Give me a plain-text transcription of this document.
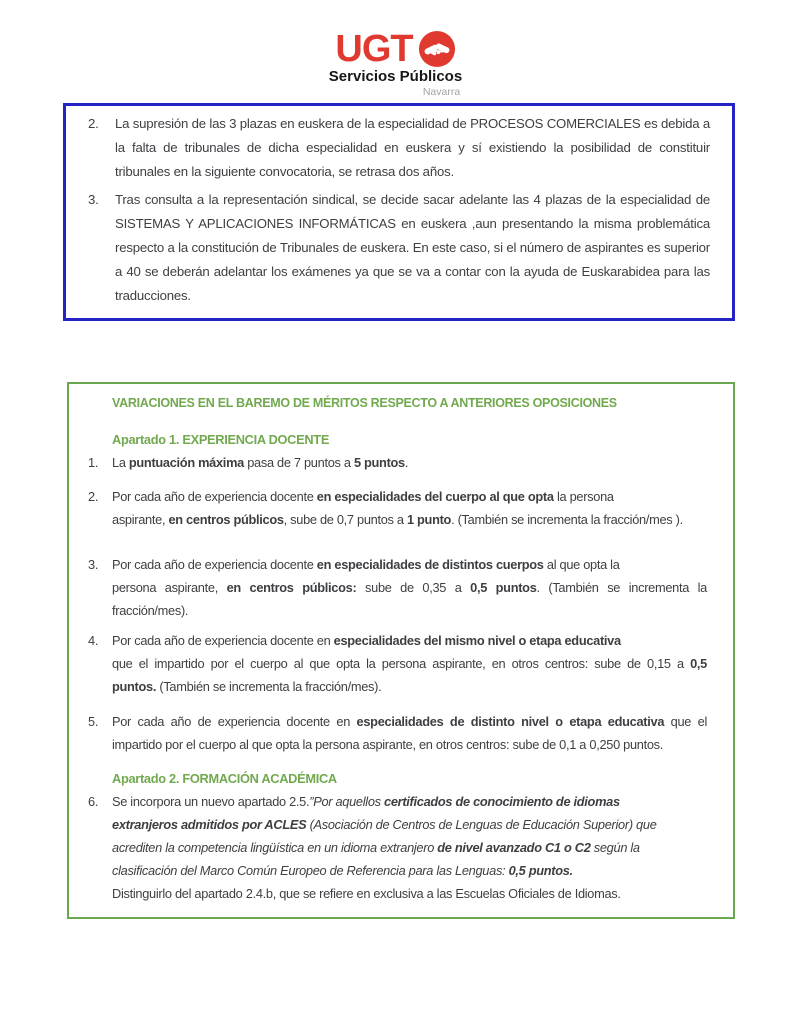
UGT
Servicios Públicos
Navarra
2.	La supresión de las 3 plazas en euskera de la especialidad de PROCESOS COMERCIALES es debida a la falta de tribunales de dicha especialidad en euskera y sí existiendo la posibilidad de constituir tribunales en la siguiente convocatoria, se retrasa dos años.
3.	Tras consulta a la representación sindical, se decide sacar adelante las 4 plazas de la especialidad de SISTEMAS Y APLICACIONES INFORMÁTICAS en euskera ,aun presentando la misma problemática respecto a la constitución de Tribunales de euskera. En este caso, si el número de aspirantes es superior a 40 se deberán adelantar los exámenes ya que se va a contar con la ayuda de Euskarabidea para las traducciones.
VARIACIONES EN EL BAREMO DE MÉRITOS RESPECTO A ANTERIORES OPOSICIONES
Apartado 1. EXPERIENCIA DOCENTE
1.	La puntuación máxima pasa de 7 puntos a 5 puntos.
2.	Por cada año de experiencia docente en especialidades del cuerpo al que opta la persona
aspirante, en centros públicos, sube de 0,7 puntos a 1 punto. (También se incrementa la fracción/mes ).
3.	Por cada año de experiencia docente en especialidades de distintos cuerpos al que opta la
persona aspirante, en centros públicos: sube de 0,35 a 0,5 puntos. (También se incrementa la
fracción/mes).
4.	Por cada año de experiencia docente en especialidades del mismo nivel o etapa educativa
que el impartido por el cuerpo al que opta la persona aspirante, en otros centros: sube de 0,15 a 0,5
puntos. (También se incrementa la fracción/mes).
5.	Por cada año de experiencia docente en especialidades de distinto nivel o etapa educativa que el
impartido por el cuerpo al que opta la persona aspirante, en otros centros: sube de 0,1 a 0,250 puntos.
Apartado 2. FORMACIÓN ACADÉMICA
6.	Se incorpora un nuevo apartado 2.5.”Por aquellos certificados de conocimiento de idiomas
extranjeros admitidos por ACLES (Asociación de Centros de Lenguas de Educación Superior) que
acrediten la competencia lingüística en un idioma extranjero de nivel avanzado C1 o C2 según la
clasificación del Marco Común Europeo de Referencia para las Lenguas: 0,5 puntos.
Distinguirlo del apartado 2.4.b, que se refiere en exclusiva a las Escuelas Oficiales de Idiomas.
